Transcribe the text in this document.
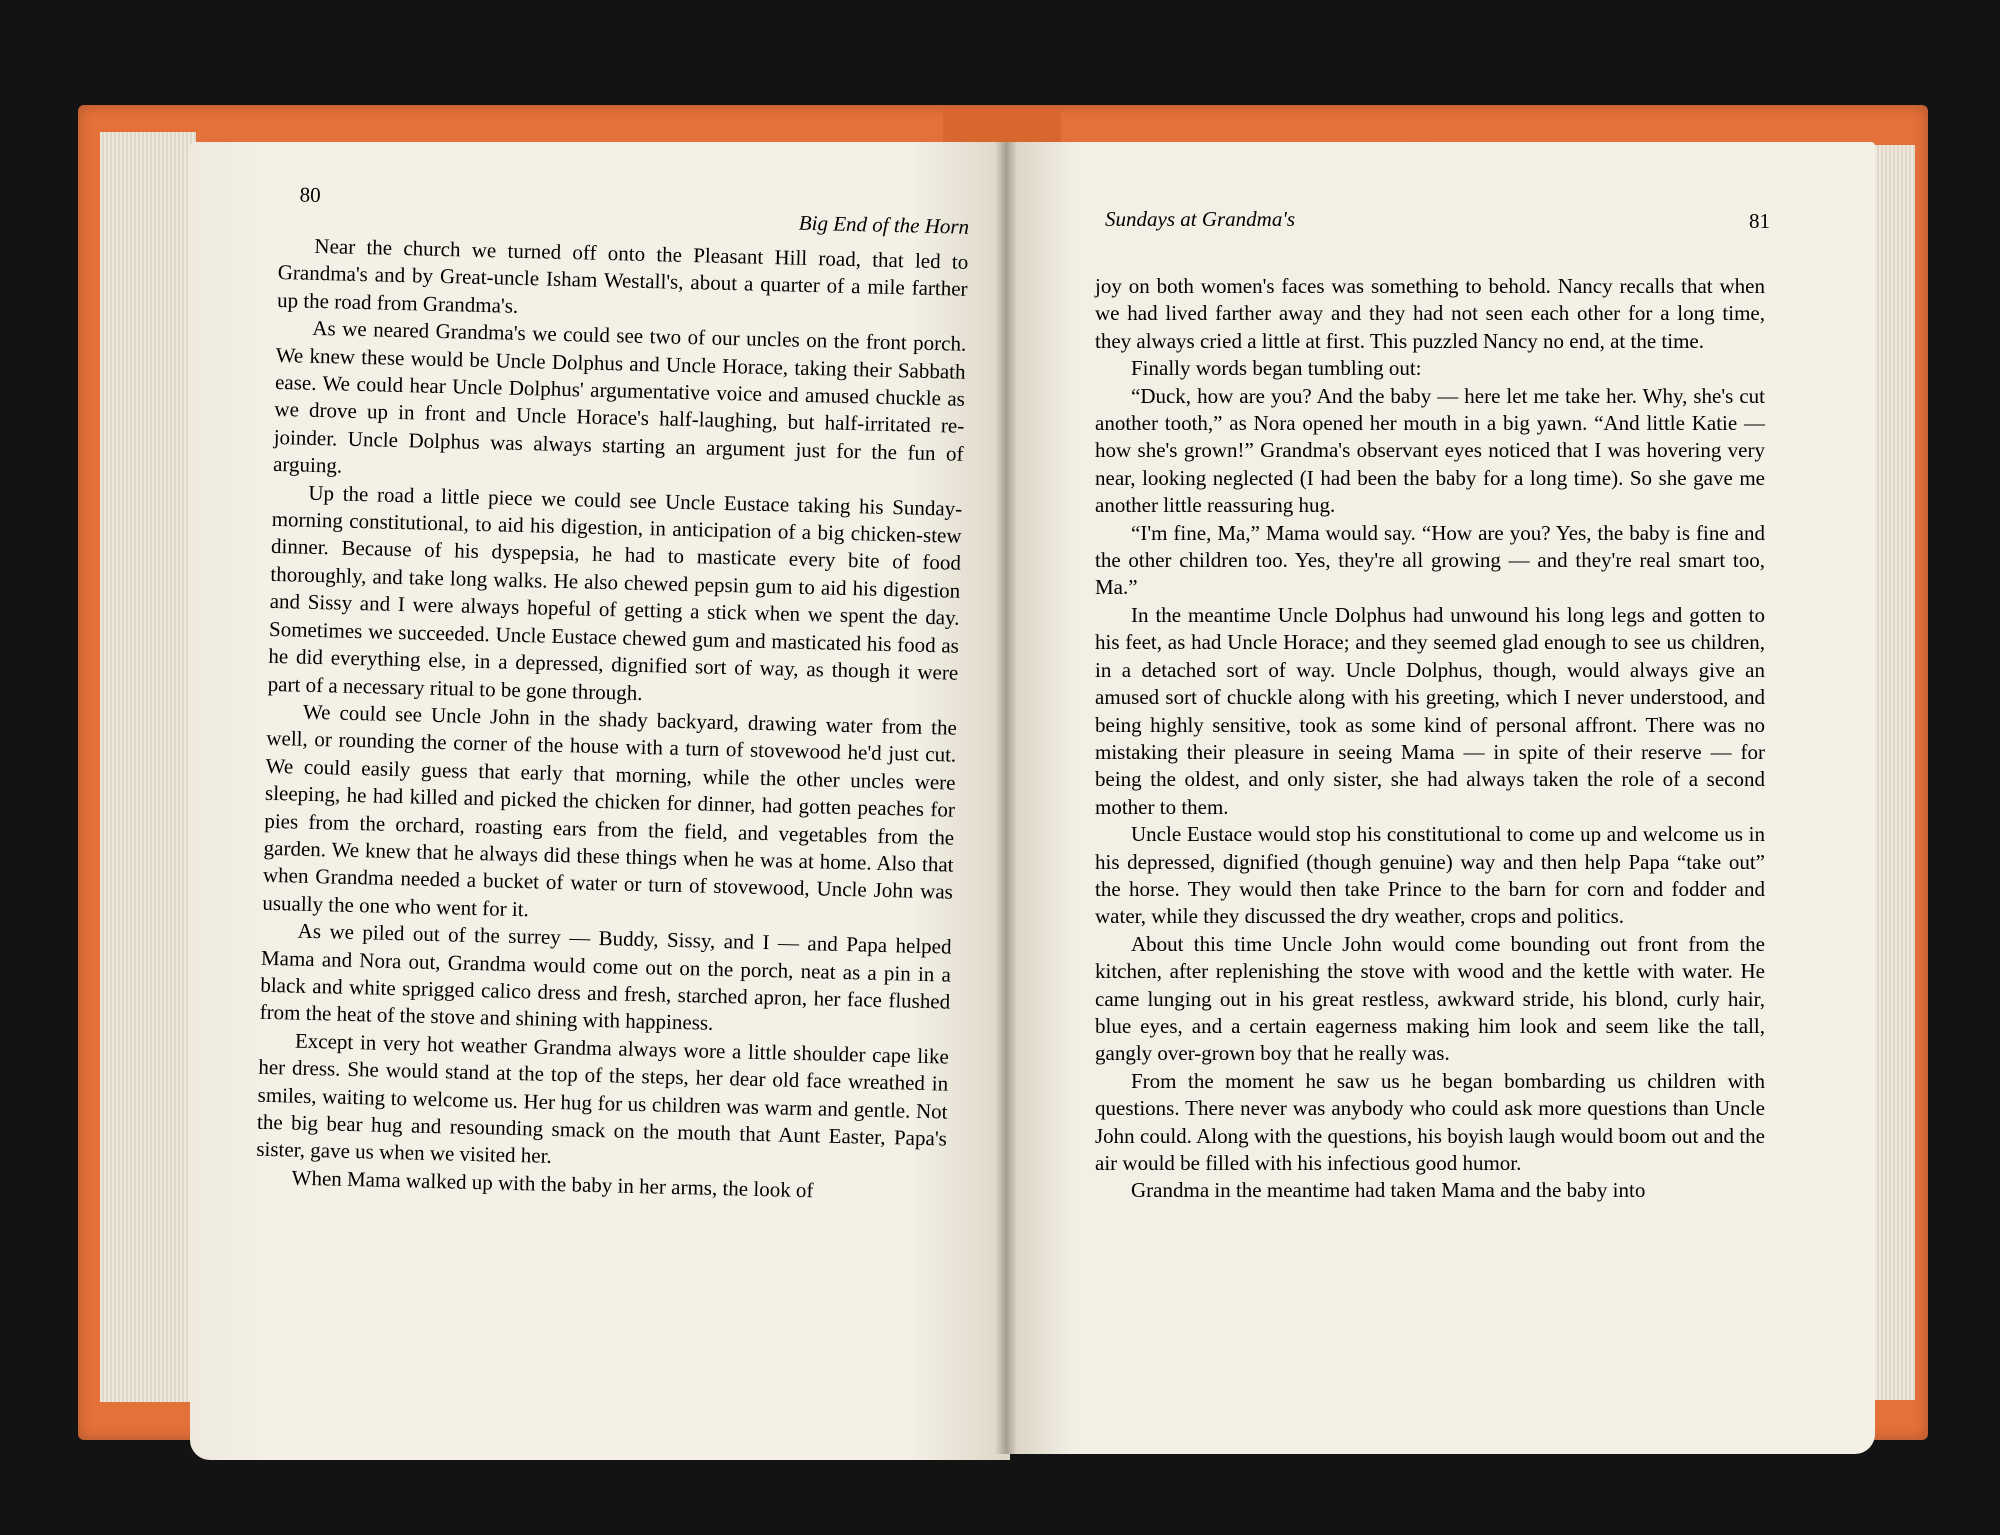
80
Big End of the Horn

Near the church we turned off onto the Pleasant Hill road, that led to Grandma's and by Great-uncle Isham Westall's, about a quarter of a mile farther up the road from Grandma's.

As we neared Grandma's we could see two of our uncles on the front porch. We knew these would be Uncle Dolphus and Uncle Horace, taking their Sabbath ease. We could hear Uncle Dolphus' argumentative voice and amused chuckle as we drove up in front and Uncle Horace's half-laughing, but half-irritated re-joinder. Uncle Dolphus was always starting an argument just for the fun of arguing.

Up the road a little piece we could see Uncle Eustace taking his Sunday-morning constitutional, to aid his digestion, in anticipation of a big chicken-stew dinner. Because of his dyspepsia, he had to masticate every bite of food thoroughly, and take long walks. He also chewed pepsin gum to aid his digestion and Sissy and I were always hopeful of getting a stick when we spent the day. Sometimes we succeeded. Uncle Eustace chewed gum and masticated his food as he did everything else, in a depressed, dignified sort of way, as though it were part of a necessary ritual to be gone through.

We could see Uncle John in the shady backyard, drawing water from the well, or rounding the corner of the house with a turn of stovewood he'd just cut. We could easily guess that early that morning, while the other uncles were sleeping, he had killed and picked the chicken for dinner, had gotten peaches for pies from the orchard, roasting ears from the field, and vegetables from the garden. We knew that he always did these things when he was at home. Also that when Grandma needed a bucket of water or turn of stovewood, Uncle John was usually the one who went for it.

As we piled out of the surrey — Buddy, Sissy, and I — and Papa helped Mama and Nora out, Grandma would come out on the porch, neat as a pin in a black and white sprigged calico dress and fresh, starched apron, her face flushed from the heat of the stove and shining with happiness.

Except in very hot weather Grandma always wore a little shoulder cape like her dress. She would stand at the top of the steps, her dear old face wreathed in smiles, waiting to welcome us. Her hug for us children was warm and gentle. Not the big bear hug and resounding smack on the mouth that Aunt Easter, Papa's sister, gave us when we visited her.

When Mama walked up with the baby in her arms, the look of

Sundays at Grandma's	81

joy on both women's faces was something to behold. Nancy recalls that when we had lived farther away and they had not seen each other for a long time, they always cried a little at first. This puzzled Nancy no end, at the time.

Finally words began tumbling out:

“Duck, how are you? And the baby — here let me take her. Why, she's cut another tooth,” as Nora opened her mouth in a big yawn. “And little Katie — how she's grown!” Grandma's observant eyes noticed that I was hovering very near, looking neglected (I had been the baby for a long time). So she gave me another little reassuring hug.

“I'm fine, Ma,” Mama would say. “How are you? Yes, the baby is fine and the other children too. Yes, they're all growing — and they're real smart too, Ma.”

In the meantime Uncle Dolphus had unwound his long legs and gotten to his feet, as had Uncle Horace; and they seemed glad enough to see us children, in a detached sort of way. Uncle Dolphus, though, would always give an amused sort of chuckle along with his greeting, which I never understood, and being highly sensitive, took as some kind of personal affront. There was no mistaking their pleasure in seeing Mama — in spite of their reserve — for being the oldest, and only sister, she had always taken the role of a second mother to them.

Uncle Eustace would stop his constitutional to come up and welcome us in his depressed, dignified (though genuine) way and then help Papa “take out” the horse. They would then take Prince to the barn for corn and fodder and water, while they discussed the dry weather, crops and politics.

About this time Uncle John would come bounding out front from the kitchen, after replenishing the stove with wood and the kettle with water. He came lunging out in his great restless, awkward stride, his blond, curly hair, blue eyes, and a certain eagerness making him look and seem like the tall, gangly over-grown boy that he really was.

From the moment he saw us he began bombarding us children with questions. There never was anybody who could ask more questions than Uncle John could. Along with the questions, his boyish laugh would boom out and the air would be filled with his infectious good humor.

Grandma in the meantime had taken Mama and the baby into
